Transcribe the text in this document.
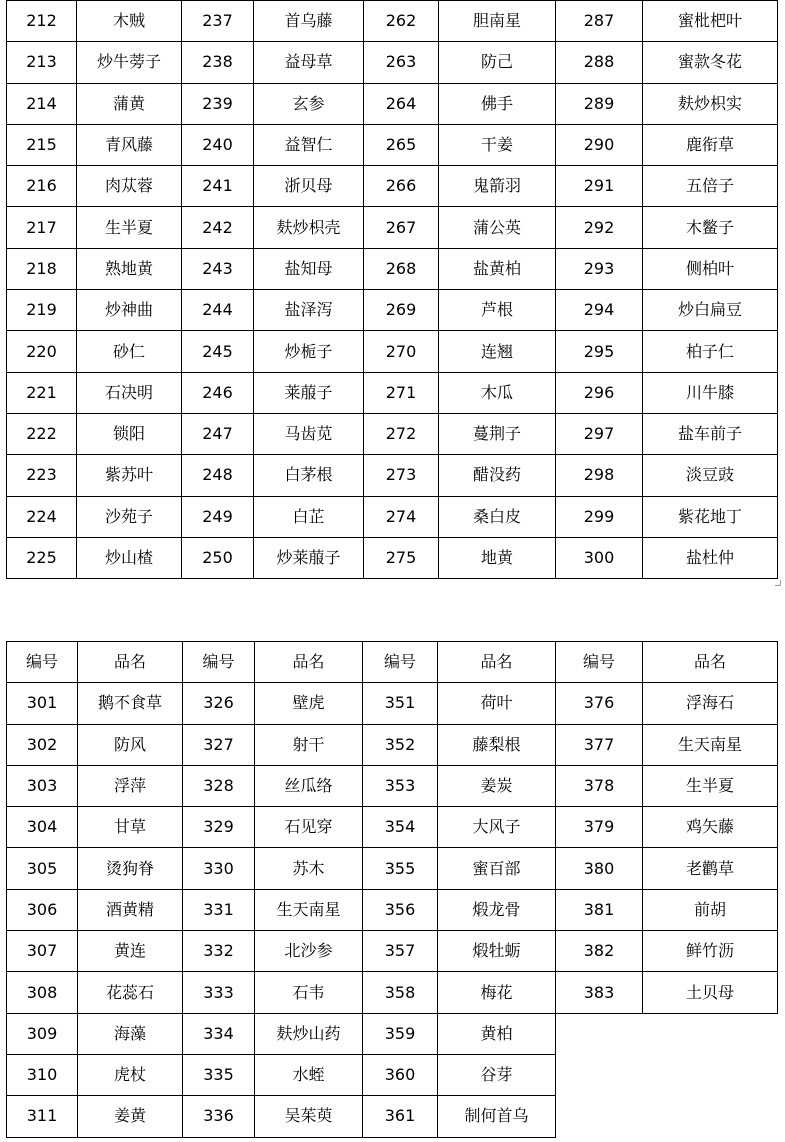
212	木贼	237	首乌藤	262	胆南星	287	蜜枇杷叶
213	炒牛蒡子	238	益母草	263	防己	288	蜜款冬花
214	蒲黄	239	玄参	264	佛手	289	麸炒枳实
215	青风藤	240	益智仁	265	干姜	290	鹿衔草
216	肉苁蓉	241	浙贝母	266	鬼箭羽	291	五倍子
217	生半夏	242	麸炒枳壳	267	蒲公英	292	木鳖子
218	熟地黄	243	盐知母	268	盐黄柏	293	侧柏叶
219	炒神曲	244	盐泽泻	269	芦根	294	炒白扁豆
220	砂仁	245	炒栀子	270	连翘	295	柏子仁
221	石决明	246	莱菔子	271	木瓜	296	川牛膝
222	锁阳	247	马齿苋	272	蔓荆子	297	盐车前子
223	紫苏叶	248	白茅根	273	醋没药	298	淡豆豉
224	沙苑子	249	白芷	274	桑白皮	299	紫花地丁
225	炒山楂	250	炒莱菔子	275	地黄	300	盐杜仲
编号	品名	编号	品名	编号	品名	编号	品名
301	鹅不食草	326	壁虎	351	荷叶	376	浮海石
302	防风	327	射干	352	藤梨根	377	生天南星
303	浮萍	328	丝瓜络	353	姜炭	378	生半夏
304	甘草	329	石见穿	354	大风子	379	鸡矢藤
305	烫狗脊	330	苏木	355	蜜百部	380	老鹳草
306	酒黄精	331	生天南星	356	煅龙骨	381	前胡
307	黄连	332	北沙参	357	煅牡蛎	382	鲜竹沥
308	花蕊石	333	石韦	358	梅花	383	土贝母
309	海藻	334	麸炒山药	359	黄柏		
310	虎杖	335	水蛭	360	谷芽		
311	姜黄	336	吴茱萸	361	制何首乌		
